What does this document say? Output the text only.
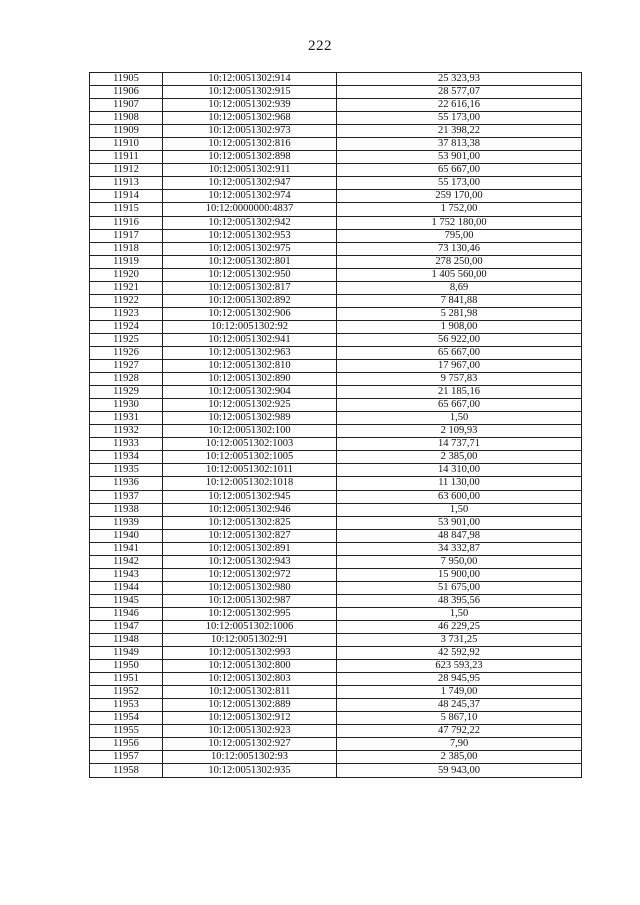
222
11905	10:12:0051302:914	25 323,93
11906	10:12:0051302:915	28 577,07
11907	10:12:0051302:939	22 616,16
11908	10:12:0051302:968	55 173,00
11909	10:12:0051302:973	21 398,22
11910	10:12:0051302:816	37 813,38
11911	10:12:0051302:898	53 901,00
11912	10:12:0051302:911	65 667,00
11913	10:12:0051302:947	55 173,00
11914	10:12:0051302:974	259 170,00
11915	10:12:0000000:4837	1 752,00
11916	10:12:0051302:942	1 752 180,00
11917	10:12:0051302:953	795,00
11918	10:12:0051302:975	73 130,46
11919	10:12:0051302:801	278 250,00
11920	10:12:0051302:950	1 405 560,00
11921	10:12:0051302:817	8,69
11922	10:12:0051302:892	7 841,88
11923	10:12:0051302:906	5 281,98
11924	10:12:0051302:92	1 908,00
11925	10:12:0051302:941	56 922,00
11926	10:12:0051302:963	65 667,00
11927	10:12:0051302:810	17 967,00
11928	10:12:0051302:890	9 757,83
11929	10:12:0051302:904	21 185,16
11930	10:12:0051302:925	65 667,00
11931	10:12:0051302:989	1,50
11932	10:12:0051302:100	2 109,93
11933	10:12:0051302:1003	14 737,71
11934	10:12:0051302:1005	2 385,00
11935	10:12:0051302:1011	14 310,00
11936	10:12:0051302:1018	11 130,00
11937	10:12:0051302:945	63 600,00
11938	10:12:0051302:946	1,50
11939	10:12:0051302:825	53 901,00
11940	10:12:0051302:827	48 847,98
11941	10:12:0051302:891	34 332,87
11942	10:12:0051302:943	7 950,00
11943	10:12:0051302:972	15 900,00
11944	10:12:0051302:980	51 675,00
11945	10:12:0051302:987	48 395,56
11946	10:12:0051302:995	1,50
11947	10:12:0051302:1006	46 229,25
11948	10:12:0051302:91	3 731,25
11949	10:12:0051302:993	42 592,92
11950	10:12:0051302:800	623 593,23
11951	10:12:0051302:803	28 945,95
11952	10:12:0051302:811	1 749,00
11953	10:12:0051302:889	48 245,37
11954	10:12:0051302:912	5 867,10
11955	10:12:0051302:923	47 792,22
11956	10:12:0051302:927	7,90
11957	10:12:0051302:93	2 385,00
11958	10:12:0051302:935	59 943,00
